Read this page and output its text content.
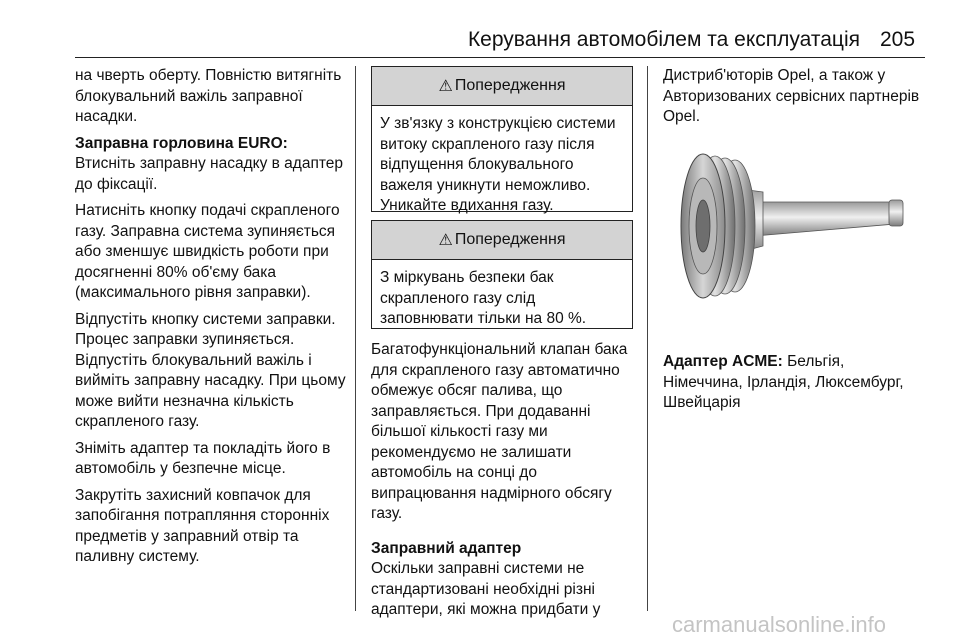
Керування автомобілем та експлуатація 205

на чверть оберту. Повністю витягніть блокувальний важіль заправної насадки.

Заправна горловина EURO:
Втисніть заправну насадку в адаптер до фіксації.

Натисніть кнопку подачі скрапленого газу. Заправна система зупиняється або зменшує швидкість роботи при досягненні 80% об'єму бака (максимального рівня заправки).

Відпустіть кнопку системи заправки. Процес заправки зупиняється. Відпустіть блокувальний важіль і вийміть заправну насадку. При цьому може вийти незначна кількість скрапленого газу.

Зніміть адаптер та покладіть його в автомобіль у безпечне місце.

Закрутіть захисний ковпачок для запобігання потрапляння сторонніх предметів у заправний отвір та паливну систему.

⚠ Попередження
У зв'язку з конструкцією системи витоку скрапленого газу після відпущення блокувального важеля уникнути неможливо. Уникайте вдихання газу.
⚠ Попередження
З міркувань безпеки бак скрапленого газу слід заповнювати тільки на 80 %.

Багатофункціональний клапан бака для скрапленого газу автоматично обмежує обсяг палива, що заправляється. При додаванні більшої кількості газу ми рекомендуємо не залишати автомобіль на сонці до випрацювання надмірного обсягу газу.

Заправний адаптер
Оскільки заправні системи не стандартизовані необхідні різні адаптери, які можна придбати у

Дистриб'юторів Opel, а також у Авторизованих сервісних партнерів Opel.

Адаптер ACME: Бельгія, Німеччина, Ірландія, Люксембург, Швейцарія

carmanualsonline.info
